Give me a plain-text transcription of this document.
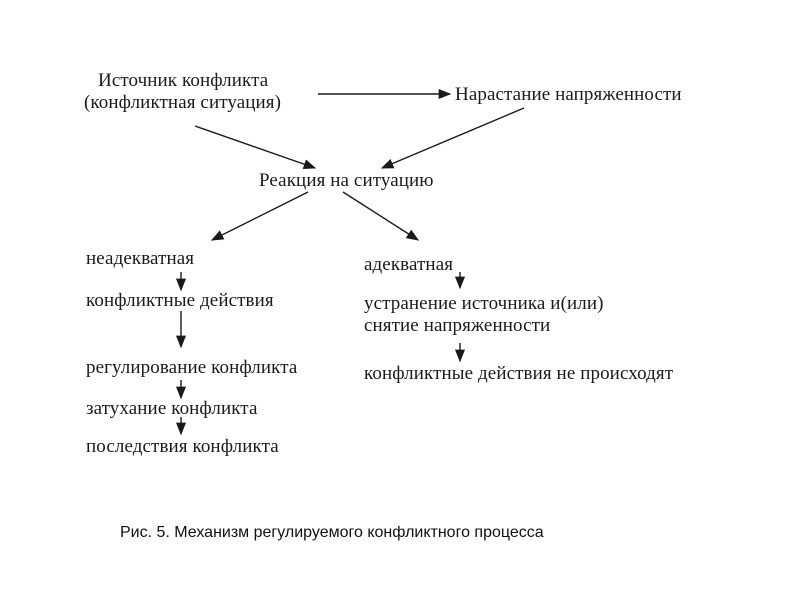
Источник конфликта
(конфликтная ситуация)	Нарастание напряженности
Реакция на ситуацию
неадекватная
конфликтные действия
регулирование конфликта
затухание конфликта
последствия конфликта
адекватная
устранение источника и(или)
снятие напряженности
конфликтные действия не происходят
Рис. 5. Механизм регулируемого конфликтного процесса
